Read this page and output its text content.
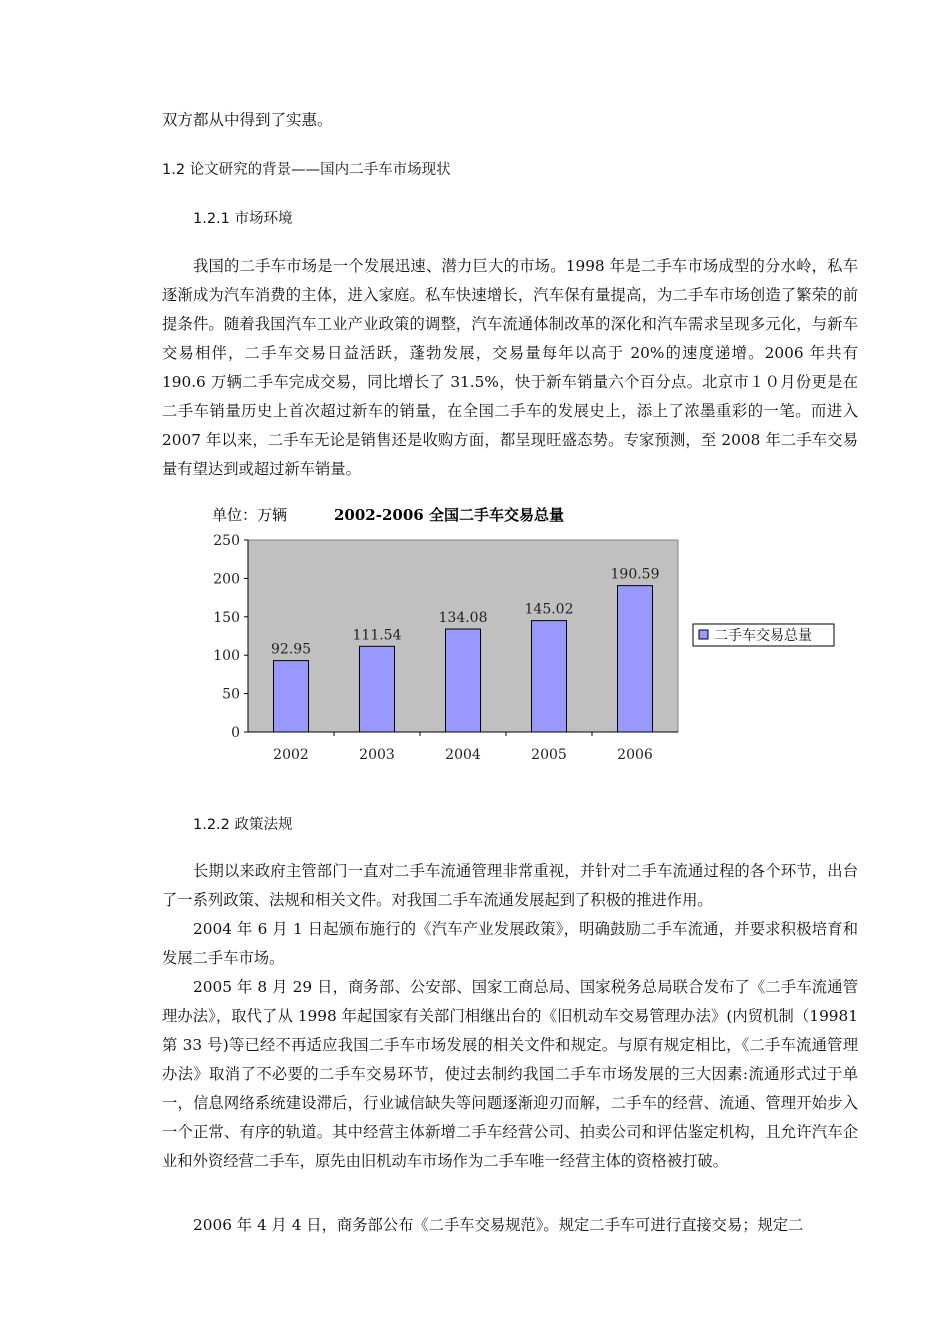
双方都从中得到了实惠。
1.2 论文研究的背景——国内二手车市场现状
1.2.1 市场环境
我国的二手车市场是一个发展迅速、潜力巨大的市场。1998 年是二手车市场成型的分水岭，私车逐渐成为汽车消费的主体，进入家庭。私车快速增长，汽车保有量提高，为二手车市场创造了繁荣的前提条件。随着我国汽车工业产业政策的调整，汽车流通体制改革的深化和汽车需求呈现多元化，与新车交易相伴，二手车交易日益活跃，蓬勃发展，交易量每年以高于 20%的速度递增。2006 年共有 190.6 万辆二手车完成交易，同比增长了 31.5%，快于新车销量六个百分点。北京市１０月份更是在二手车销量历史上首次超过新车的销量，在全国二手车的发展史上，添上了浓墨重彩的一笔。而进入 2007 年以来，二手车无论是销售还是收购方面，都呈现旺盛态势。专家预测，至 2008 年二手车交易量有望达到或超过新车销量。
单位：万辆	2002-2006 全国二手车交易总量
0
50
100
150
200
250
92.95
111.54
134.08
145.02
190.59
2002	2003	2004	2005	2006
二手车交易总量
1.2.2 政策法规
长期以来政府主管部门一直对二手车流通管理非常重视，并针对二手车流通过程的各个环节，出台了一系列政策、法规和相关文件。对我国二手车流通发展起到了积极的推进作用。
2004 年 6 月 1 日起颁布施行的《汽车产业发展政策》，明确鼓励二手车流通，并要求积极培育和发展二手车市场。
2005 年 8 月 29 日，商务部、公安部、国家工商总局、国家税务总局联合发布了《二手车流通管理办法》，取代了从 1998 年起国家有关部门相继出台的《旧机动车交易管理办法》(内贸机制（19981 第 33 号)等已经不再适应我国二手车市场发展的相关文件和规定。与原有规定相比，《二手车流通管理办法》取消了不必要的二手车交易环节，使过去制约我国二手车市场发展的三大因素:流通形式过于单一，信息网络系统建设滞后，行业诚信缺失等问题逐渐迎刃而解，二手车的经营、流通、管理开始步入一个正常、有序的轨道。其中经营主体新增二手车经营公司、拍卖公司和评估鉴定机构，且允许汽车企业和外资经营二手车，原先由旧机动车市场作为二手车唯一经营主体的资格被打破。
2006 年 4 月 4 日，商务部公布《二手车交易规范》。规定二手车可进行直接交易；规定二
